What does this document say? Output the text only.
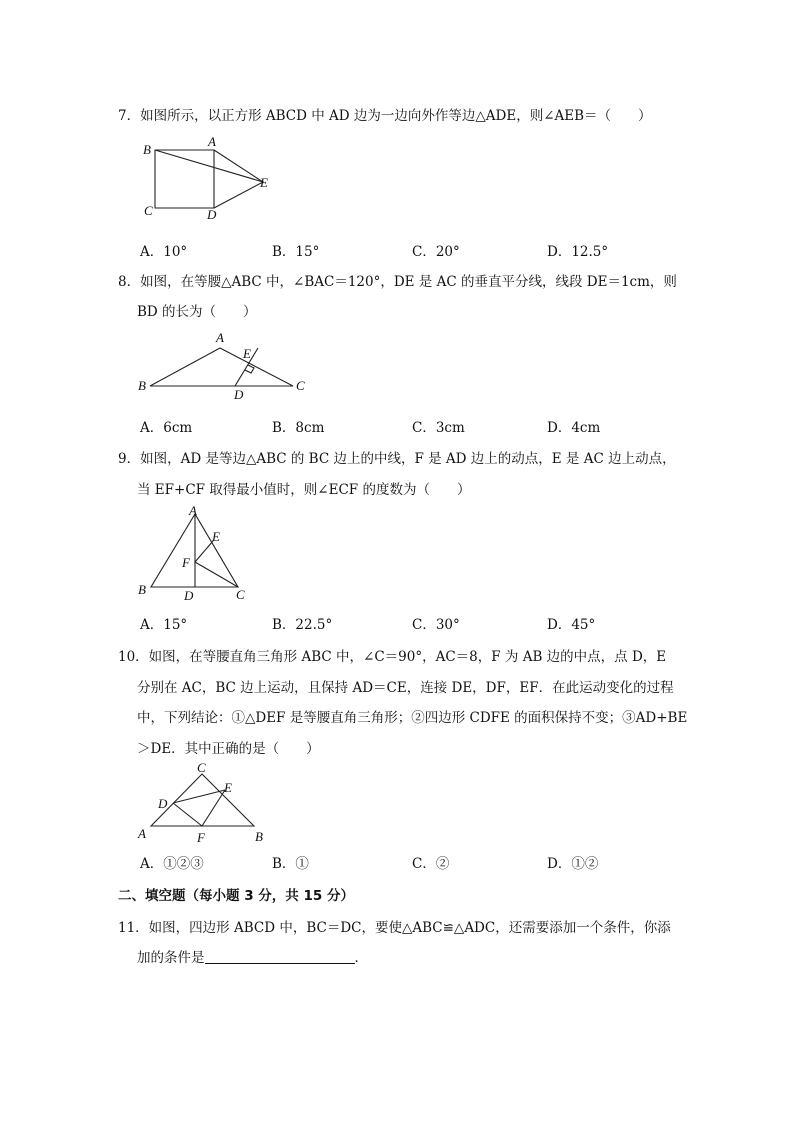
7．如图所示，以正方形 ABCD 中 AD 边为一边向外作等边△ADE，则∠AEB＝（　　）
A
B
C	D
E
A．10°	B．15°	C．20°	D．12.5°
8．如图，在等腰△ABC 中，∠BAC＝120°，DE 是 AC 的垂直平分线，线段 DE＝1cm，则
BD 的长为（　　）
A
B	C
D
E
A．6cm	B．8cm	C．3cm	D．4cm
9．如图，AD 是等边△ABC 的 BC 边上的中线，F 是 AD 边上的动点，E 是 AC 边上动点，
当 EF+CF 取得最小值时，则∠ECF 的度数为（　　）
A
B	C
D
E
F
A．15°	B．22.5°	C．30°	D．45°
10．如图，在等腰直角三角形 ABC 中，∠C＝90°，AC＝8，F 为 AB 边的中点，点 D，E
分别在 AC，BC 边上运动，且保持 AD＝CE，连接 DE，DF，EF．在此运动变化的过程
中，下列结论：①△DEF 是等腰直角三角形；②四边形 CDFE 的面积保持不变；③AD+BE
＞DE．其中正确的是（　　）
A	B
C
D
E
F
A．①②③	B．①	C．②	D．①②
二、填空题（每小题 3 分，共 15 分）
11．如图，四边形 ABCD 中，BC＝DC，要使△ABC≌△ADC，还需要添加一个条件，你添
加的条件是	．
